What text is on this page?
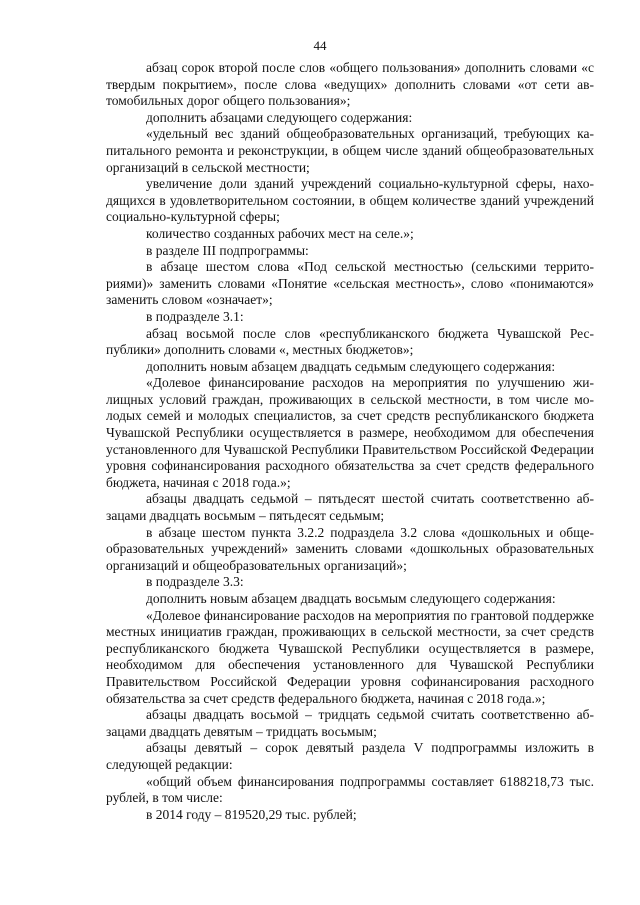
44

абзац сорок второй после слов «общего пользования» дополнить словами «с твердым покрытием», после слова «ведущих» дополнить словами «от сети автомобильных дорог общего пользования»;

дополнить абзацами следующего содержания:

«удельный вес зданий общеобразовательных организаций, требующих капитального ремонта и реконструкции, в общем числе зданий общеобразовательных организаций в сельской местности;

увеличение доли зданий учреждений социально-культурной сферы, находящихся в удовлетворительном состоянии, в общем количестве зданий учреждений социально-культурной сферы;

количество созданных рабочих мест на селе.»;

в разделе III подпрограммы:

в абзаце шестом слова «Под сельской местностью (сельскими территориями)» заменить словами «Понятие «сельская местность», слово «понимаются» заменить словом «означает»;

в подразделе 3.1:

абзац восьмой после слов «республиканского бюджета Чувашской Республики» дополнить словами «, местных бюджетов»;

дополнить новым абзацем двадцать седьмым следующего содержания:

«Долевое финансирование расходов на мероприятия по улучшению жилищных условий граждан, проживающих в сельской местности, в том числе молодых семей и молодых специалистов, за счет средств республиканского бюджета Чувашской Республики осуществляется в размере, необходимом для обеспечения установленного для Чувашской Республики Правительством Российской Федерации уровня софинансирования расходного обязательства за счет средств федерального бюджета, начиная с 2018 года.»;

абзацы двадцать седьмой – пятьдесят шестой считать соответственно абзацами двадцать восьмым – пятьдесят седьмым;

в абзаце шестом пункта 3.2.2 подраздела 3.2 слова «дошкольных и общеобразовательных учреждений» заменить словами «дошкольных образовательных организаций и общеобразовательных организаций»;

в подразделе 3.3:

дополнить новым абзацем двадцать восьмым следующего содержания:

«Долевое финансирование расходов на мероприятия по грантовой поддержке местных инициатив граждан, проживающих в сельской местности, за счет средств республиканского бюджета Чувашской Республики осуществляется в размере, необходимом для обеспечения установленного для Чувашской Республики Правительством Российской Федерации уровня софинансирования расходного обязательства за счет средств федерального бюджета, начиная с 2018 года.»;

абзацы двадцать восьмой – тридцать седьмой считать соответственно абзацами двадцать девятым – тридцать восьмым;

абзацы девятый – сорок девятый раздела V подпрограммы изложить в следующей редакции:

«общий объем финансирования подпрограммы составляет 6188218,73 тыс. рублей, в том числе:

в 2014 году – 819520,29 тыс. рублей;
